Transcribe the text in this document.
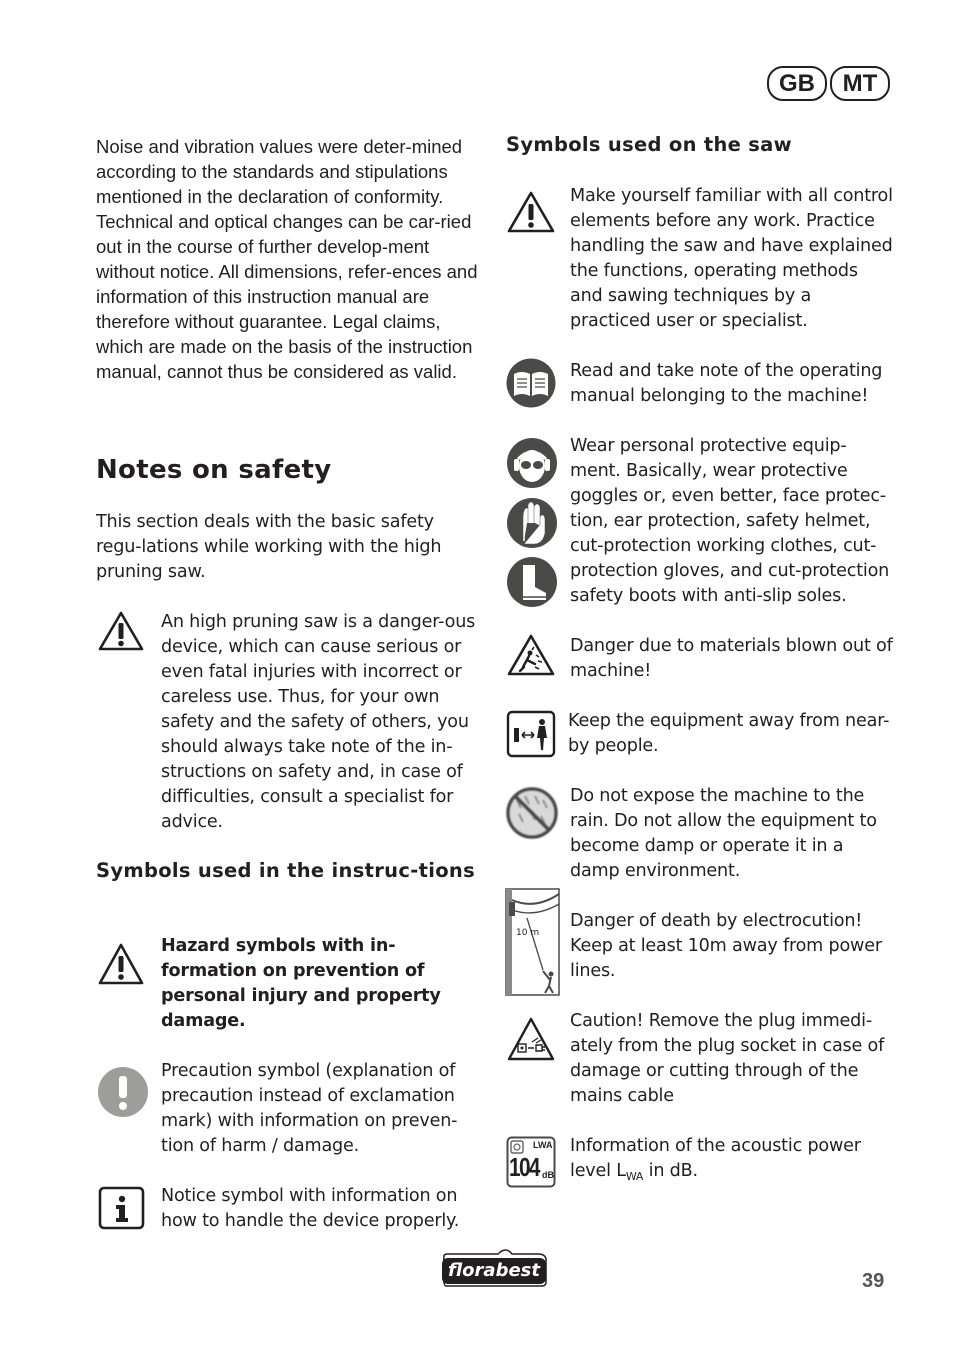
GB	MT

Noise and vibration values were deter-mined according to the standards and stipulations mentioned in the declaration of conformity.

Technical and optical changes can be car-ried out in the course of further develop-ment without notice. All dimensions, refer-ences and information of this instruction manual are therefore without guarantee. Legal claims, which are made on the basis of the instruction manual, cannot thus be considered as valid.

Notes on safety

This section deals with the basic safety regu-lations while working with the high pruning saw.

An high pruning saw is a danger-ous device, which can cause serious or even fatal injuries with incorrect or careless use. Thus, for your own safety and the safety of others, you should always take note of the in-structions on safety and, in case of difficulties, consult a specialist for advice.

Symbols used in the instruc-tions

Hazard symbols with in-formation on prevention of personal injury and property damage.

Precaution symbol (explanation of precaution instead of exclamation mark) with information on preven-tion of harm / damage.

Notice symbol with information on how to handle the device properly.

Symbols used on the saw

Make yourself familiar with all control elements before any work. Practice handling the saw and have explained the functions, operating methods and sawing techniques by a practiced user or specialist.

Read and take note of the operating manual belonging to the machine!

Wear personal protective equip-ment. Basically, wear protective goggles or, even better, face protec-tion, ear protection, safety helmet, cut-protection working clothes, cut-protection gloves, and cut-protection safety boots with anti-slip soles.

Danger due to materials blown out of machine!

Keep the equipment away from near-by people.

Do not expose the machine to the rain. Do not allow the equipment to become damp or operate it in a damp environment.

10 m

Danger of death by electrocution! Keep at least 10m away from power lines.

Caution! Remove the plug immedi-ately from the plug socket in case of damage or cutting through of the mains cable

LWA
104 dB

Information of the acoustic power level $L_{WA}$ in dB.

florabest	39
